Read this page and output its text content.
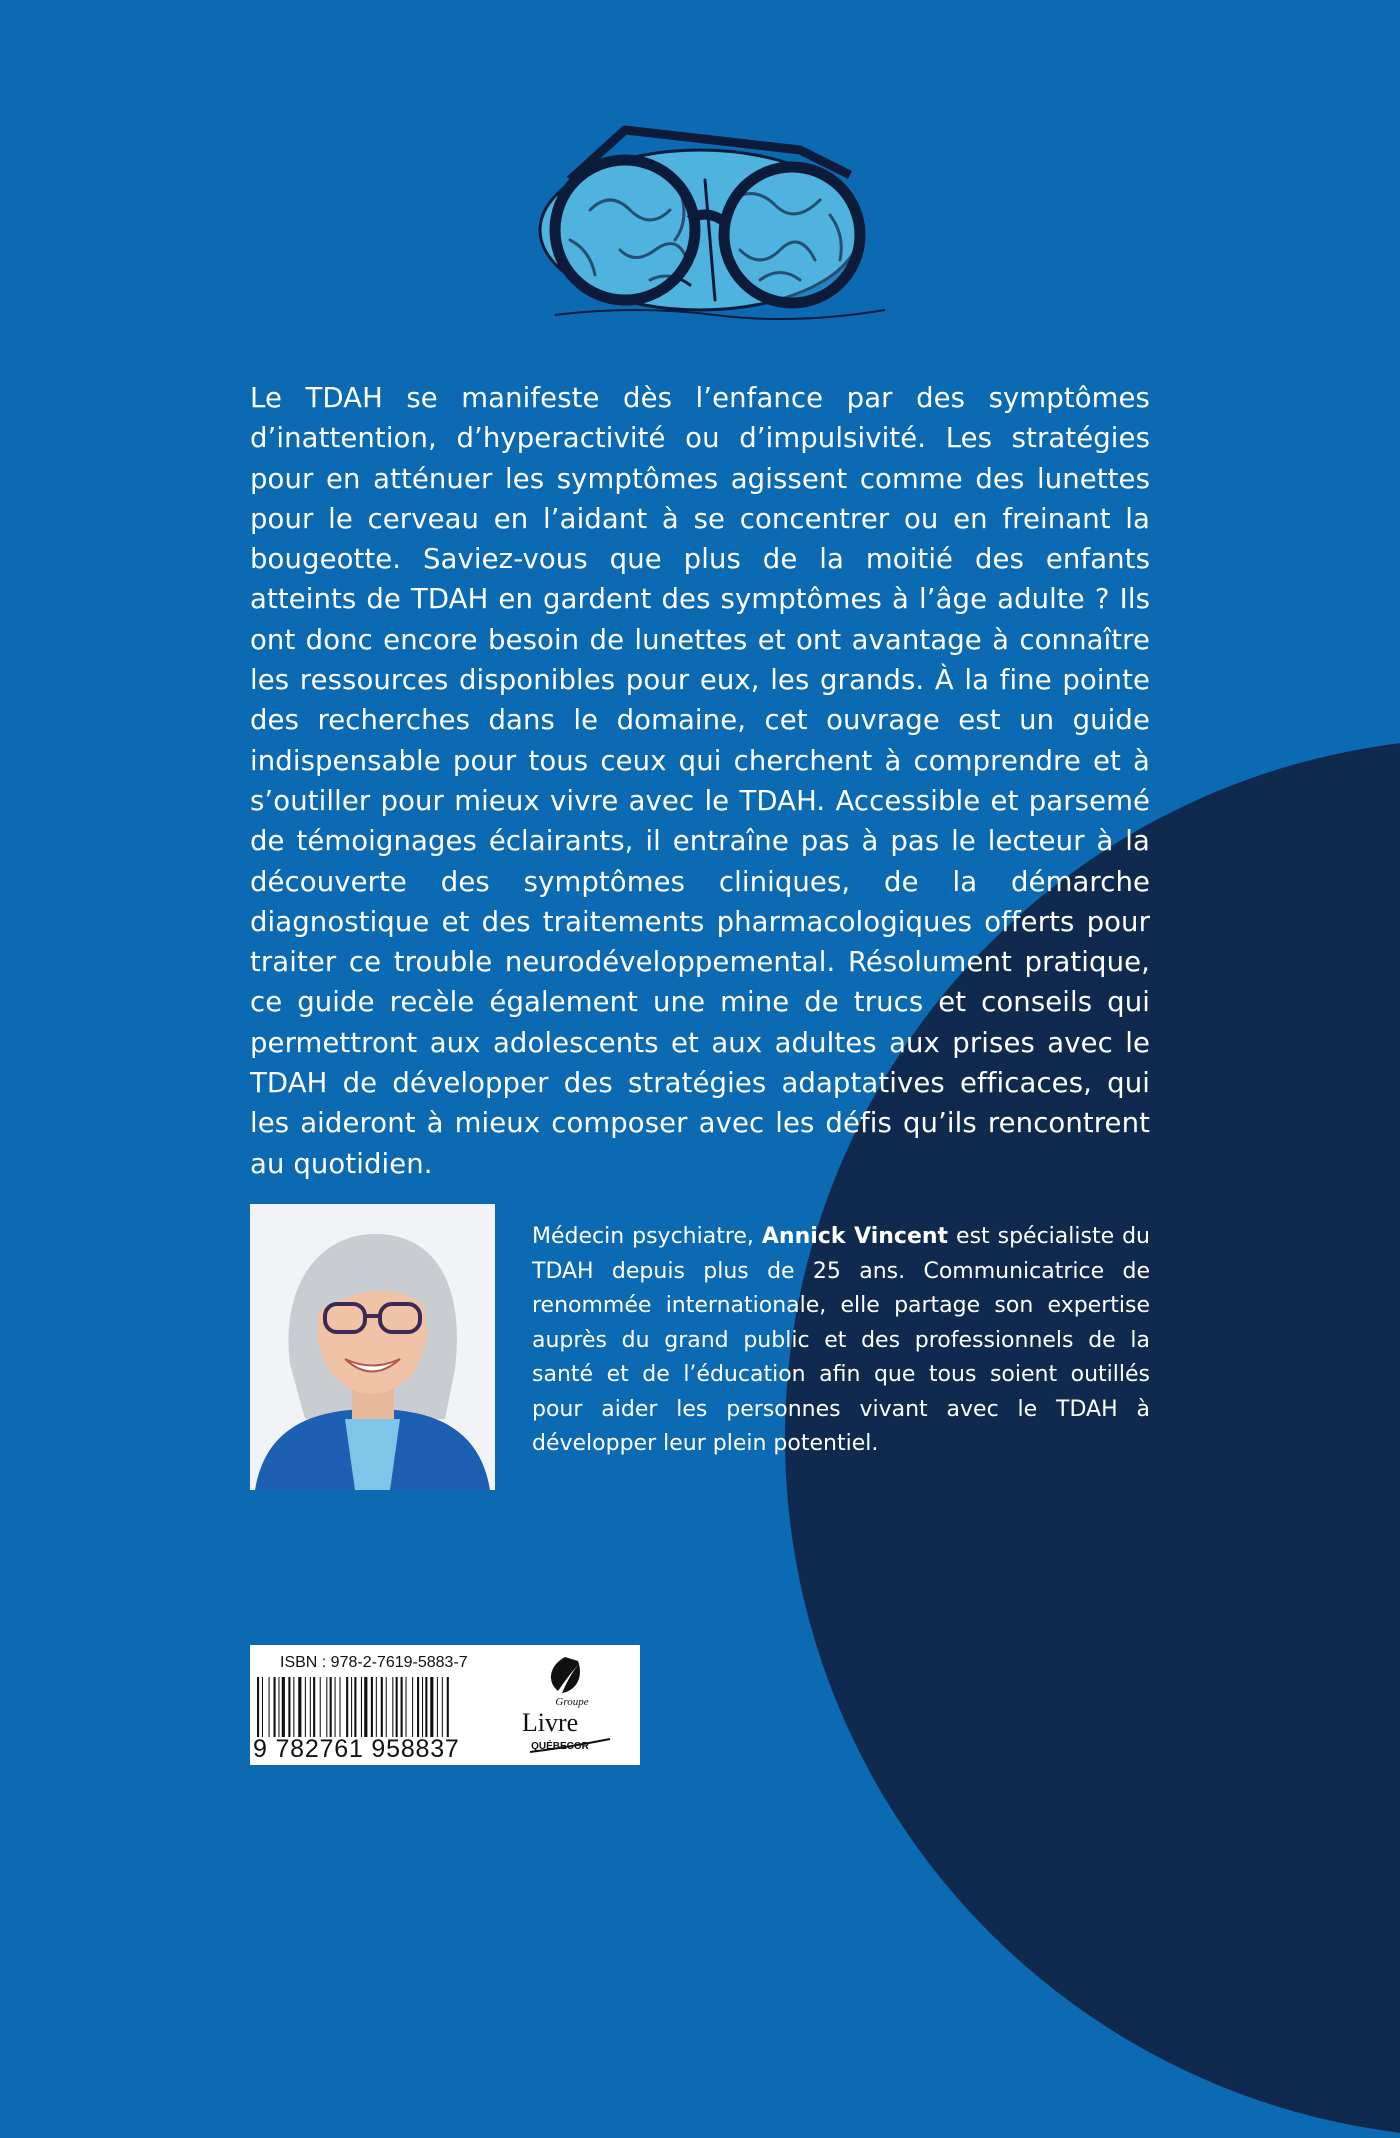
Le TDAH se manifeste dès l’enfance par des symptômes d’inattention, d’hyperactivité ou d’impulsivité. Les stratégies pour en atténuer les symptômes agissent comme des lunettes pour le cerveau en l’aidant à se concentrer ou en freinant la bougeotte. Saviez-vous que plus de la moitié des enfants atteints de TDAH en gardent des symptômes à l’âge adulte ? Ils ont donc encore besoin de lunettes et ont avantage à connaître les ressources disponibles pour eux, les grands. À la fine pointe des recherches dans le domaine, cet ouvrage est un guide indispensable pour tous ceux qui cherchent à comprendre et à s’outiller pour mieux vivre avec le TDAH. Accessible et parsemé de témoignages éclairants, il entraîne pas à pas le lecteur à la découverte des symptômes cliniques, de la démarche diagnostique et des traitements pharmacologiques offerts pour traiter ce trouble neurodéveloppemental. Résolument pratique, ce guide recèle également une mine de trucs et conseils qui permettront aux adolescents et aux adultes aux prises avec le TDAH de développer des stratégies adaptatives efficaces, qui les aideront à mieux composer avec les défis qu’ils rencontrent au quotidien.
Médecin psychiatre, Annick Vincent est spécialiste du TDAH depuis plus de 25 ans. Communicatrice de renommée internationale, elle partage son expertise auprès du grand public et des professionnels de la santé et de l’éducation afin que tous soient outillés pour aider les personnes vivant avec le TDAH à développer leur plein potentiel.
ISBN : 978-2-7619-5883-7
9 782761 958837
Groupe
Livre
QUÉBECOR
